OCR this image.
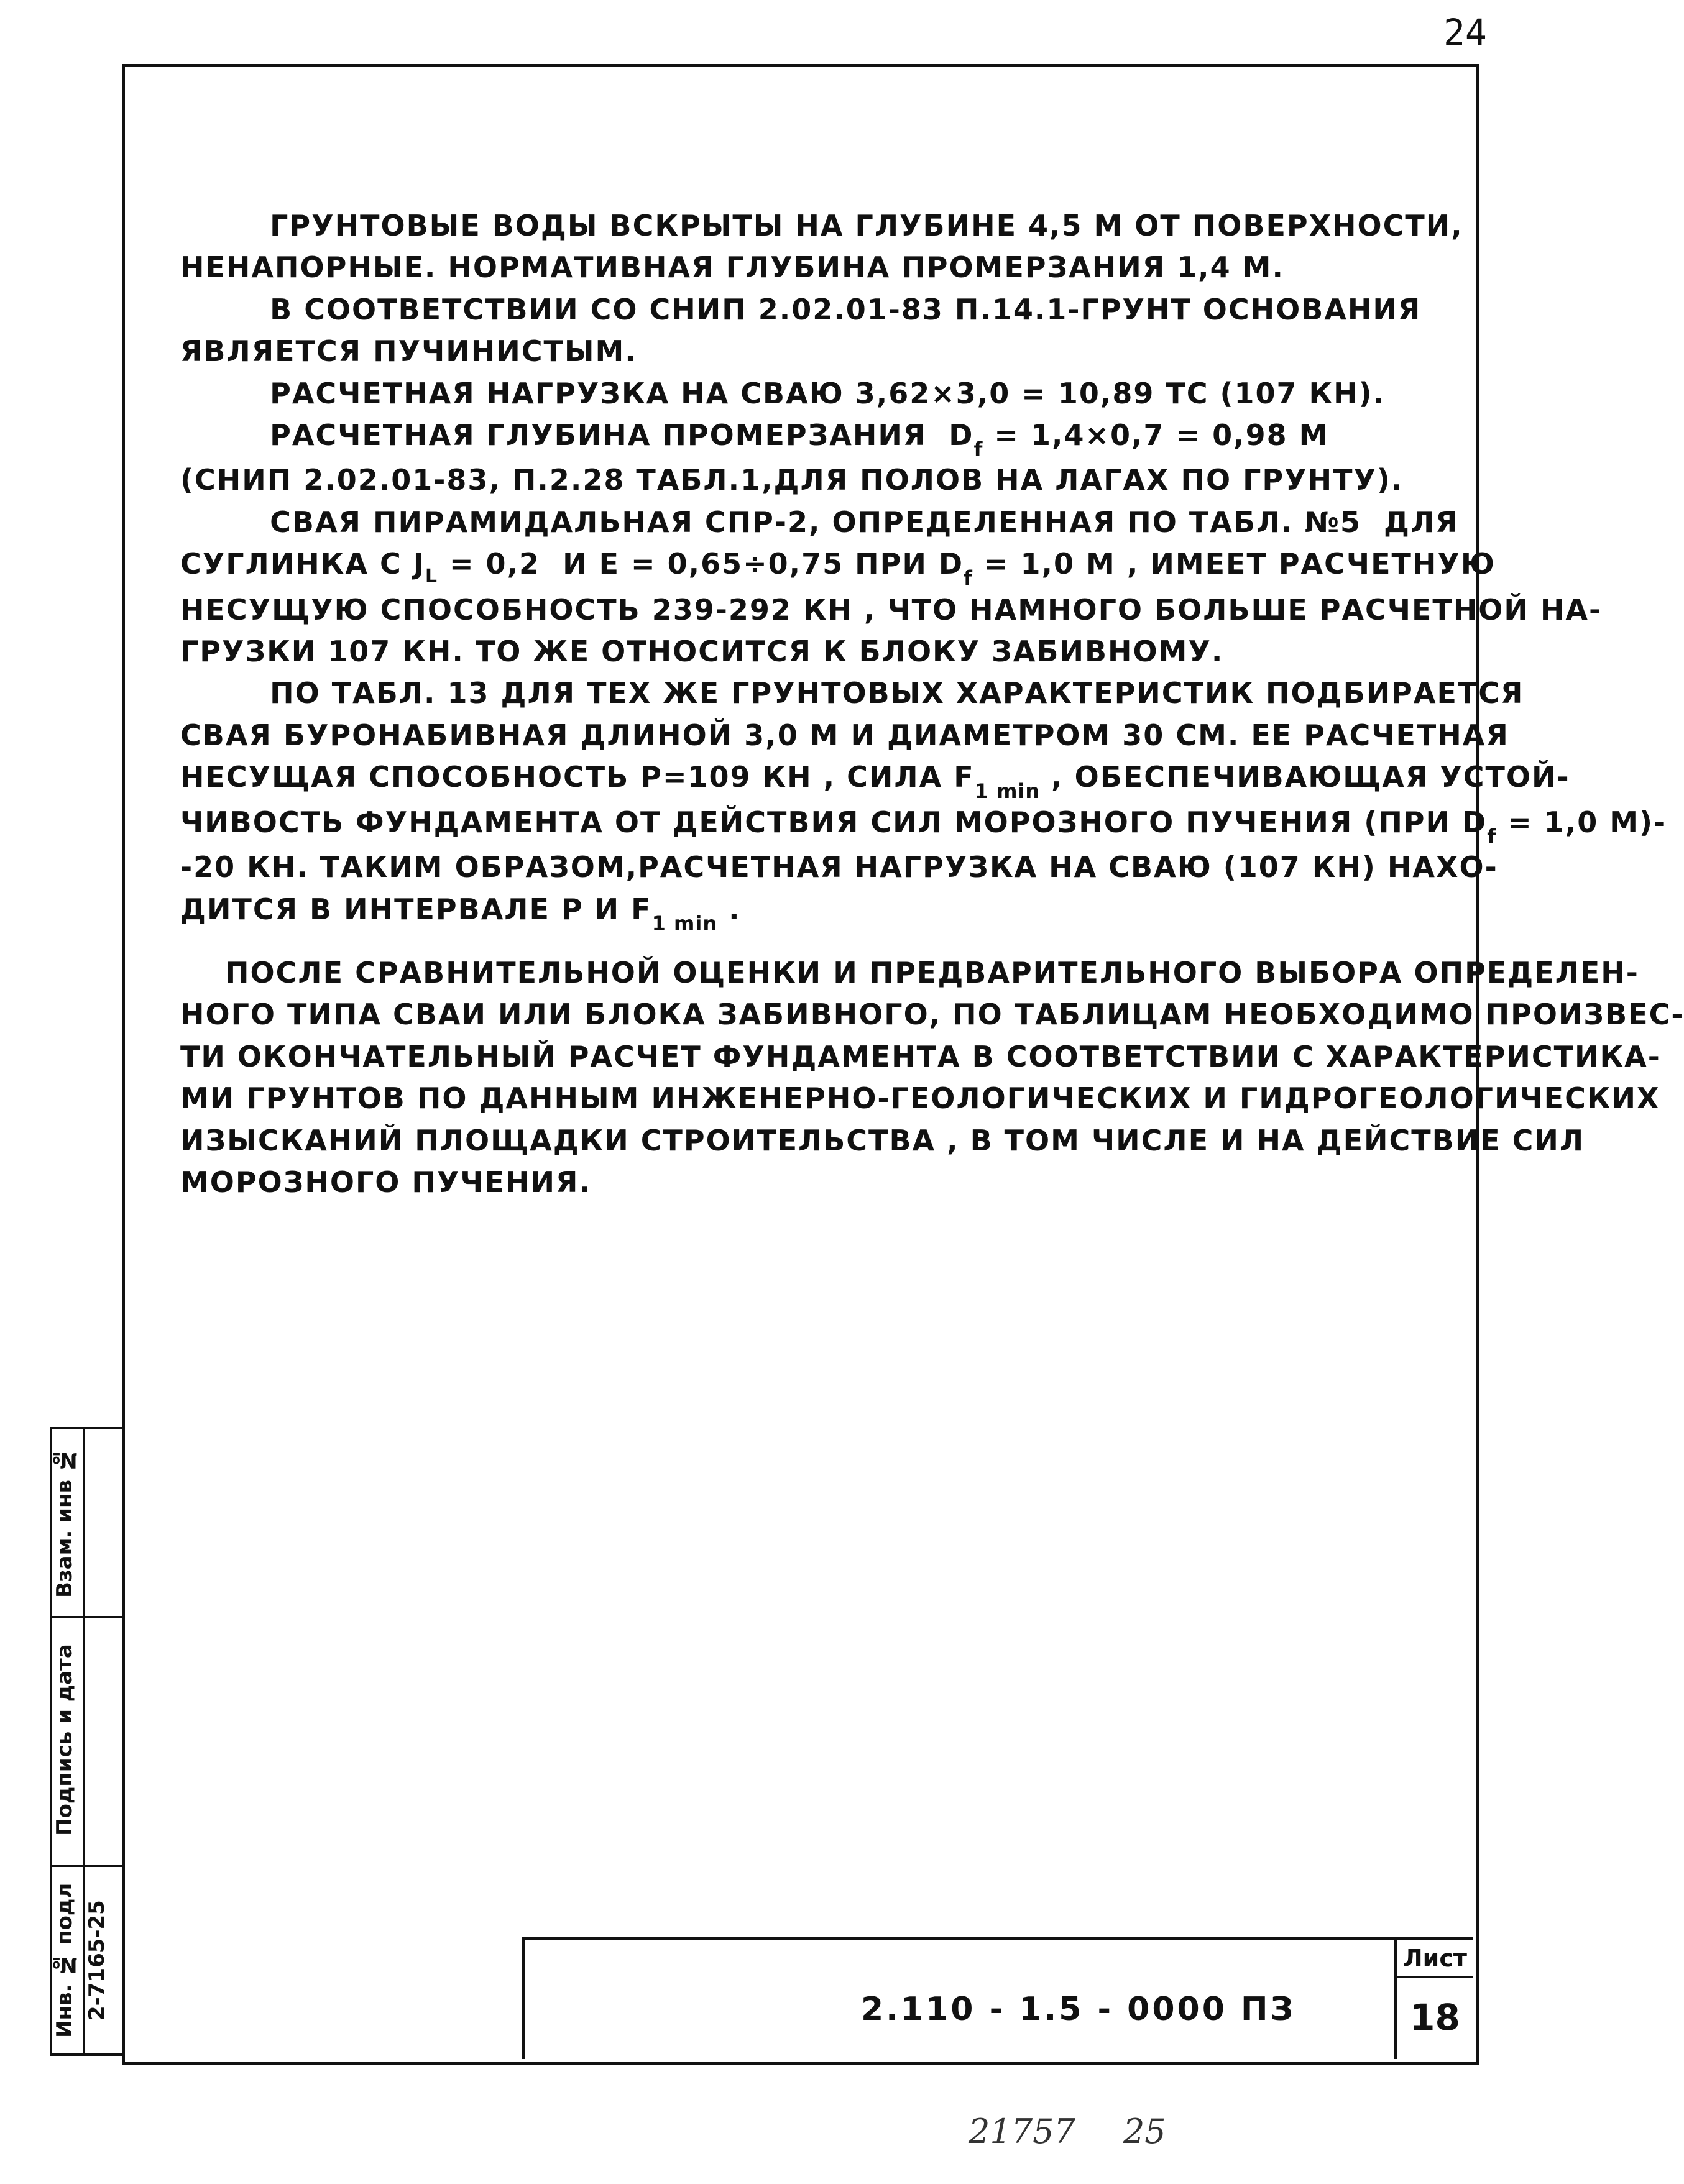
24

ГРУНТОВЫЕ ВОДЫ ВСКРЫТЫ НА ГЛУБИНЕ 4,5 М ОТ ПОВЕРХНОСТИ,

НЕНАПОРНЫЕ. НОРМАТИВНАЯ ГЛУБИНА ПРОМЕРЗАНИЯ 1,4 М.

В СООТВЕТСТВИИ СО СНИП 2.02.01-83 П.14.1-ГРУНТ ОСНОВАНИЯ

ЯВЛЯЕТСЯ ПУЧИНИСТЫМ.

РАСЧЕТНАЯ НАГРУЗКА НА СВАЮ 3,62×3,0 = 10,89 ТС (107 КН).

РАСЧЕТНАЯ ГЛУБИНА ПРОМЕРЗАНИЯ  $D_f = 1,4\times 0,7 = 0,98$ М

(СНИП 2.02.01-83, П.2.28 ТАБЛ.1,ДЛЯ ПОЛОВ НА ЛАГАХ ПО ГРУНТУ).

СВАЯ ПИРАМИДАЛЬНАЯ СПР-2, ОПРЕДЕЛЕННАЯ ПО ТАБЛ. №5  ДЛЯ

СУГЛИНКА С $J_L = 0,2$  И E = 0,65÷0,75 ПРИ $D_f = 1,0$ М , ИМЕЕТ РАСЧЕТНУЮ

НЕСУЩУЮ СПОСОБНОСТЬ 239-292 КН , ЧТО НАМНОГО БОЛЬШЕ РАСЧЕТНОЙ НА-

ГРУЗКИ 107 КН. ТО ЖЕ ОТНОСИТСЯ К БЛОКУ ЗАБИВНОМУ.

ПО ТАБЛ. 13 ДЛЯ ТЕХ ЖЕ ГРУНТОВЫХ ХАРАКТЕРИСТИК ПОДБИРАЕТСЯ

СВАЯ БУРОНАБИВНАЯ ДЛИНОЙ 3,0 М И ДИАМЕТРОМ 30 СМ. ЕЕ РАСЧЕТНАЯ

НЕСУЩАЯ СПОСОБНОСТЬ P=109 КН , СИЛА $F_{1 min}$ , ОБЕСПЕЧИВАЮЩАЯ УСТОЙ-

ЧИВОСТЬ ФУНДАМЕНТА ОТ ДЕЙСТВИЯ СИЛ МОРОЗНОГО ПУЧЕНИЯ (ПРИ $D_f = 1,0$ М)-

-20 КН. ТАКИМ ОБРАЗОМ,РАСЧЕТНАЯ НАГРУЗКА НА СВАЮ (107 КН) НАХО-

ДИТСЯ В ИНТЕРВАЛЕ P И $F_{1 min}$ .

ПОСЛЕ СРАВНИТЕЛЬНОЙ ОЦЕНКИ И ПРЕДВАРИТЕЛЬНОГО ВЫБОРА ОПРЕДЕЛЕН-

НОГО ТИПА СВАИ ИЛИ БЛОКА ЗАБИВНОГО, ПО ТАБЛИЦАМ НЕОБХОДИМО ПРОИЗВЕС-

ТИ ОКОНЧАТЕЛЬНЫЙ РАСЧЕТ ФУНДАМЕНТА В СООТВЕТСТВИИ С ХАРАКТЕРИСТИКА-

МИ ГРУНТОВ ПО ДАННЫМ ИНЖЕНЕРНО-ГЕОЛОГИЧЕСКИХ И ГИДРОГЕОЛОГИЧЕСКИХ

ИЗЫСКАНИЙ ПЛОЩАДКИ СТРОИТЕЛЬСТВА , В ТОМ ЧИСЛЕ И НА ДЕЙСТВИЕ СИЛ

МОРОЗНОГО ПУЧЕНИЯ.

Взам. инв №
Подпись и дата
Инв. № подл 2-7165-25	2.110 - 1.5 - 0000 ПЗ
Лист
18
21757 25
